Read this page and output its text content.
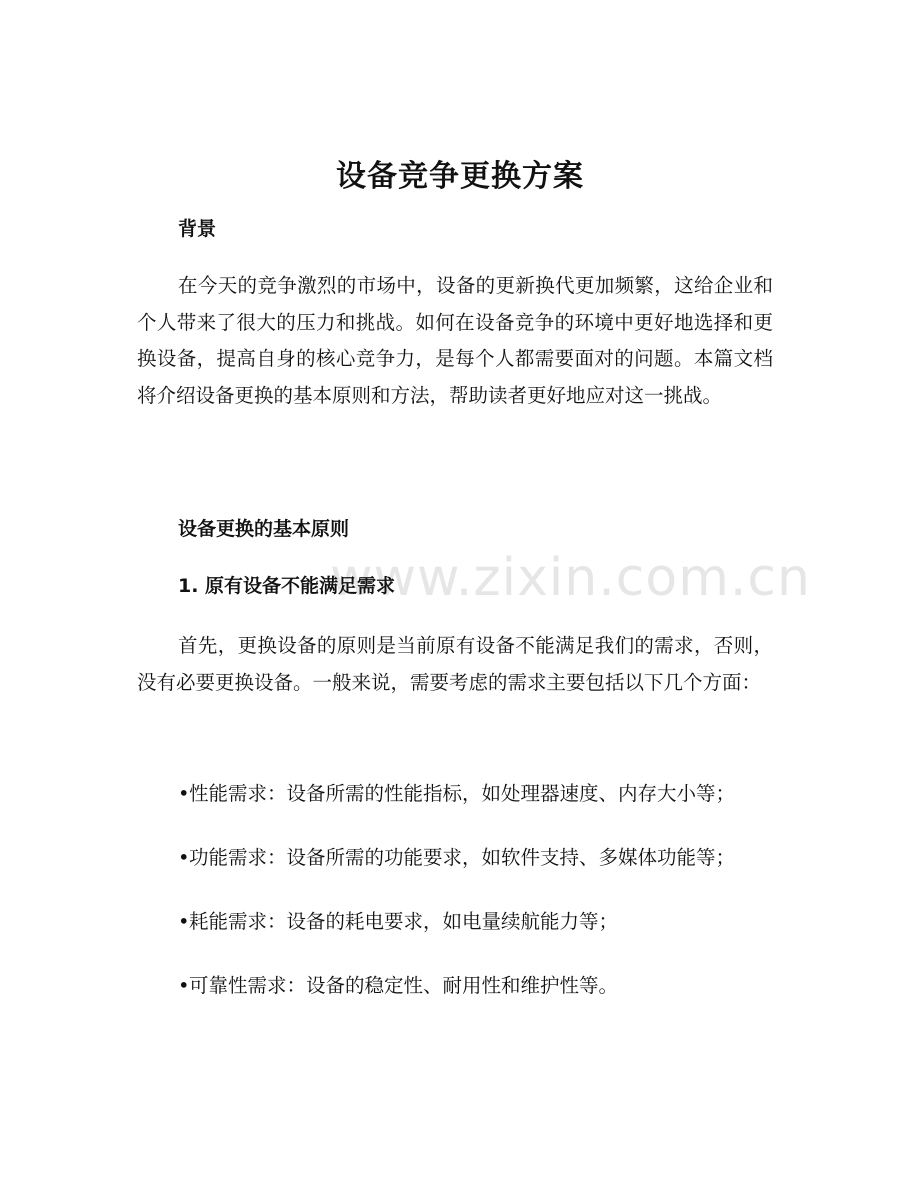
www.zixin.com.cn
设备竞争更换方案
背景

在今天的竞争激烈的市场中，设备的更新换代更加频繁，这给企业和个人带来了很大的压力和挑战。如何在设备竞争的环境中更好地选择和更换设备，提高自身的核心竞争力，是每个人都需要面对的问题。本篇文档将介绍设备更换的基本原则和方法，帮助读者更好地应对这一挑战。

设备更换的基本原则
1. 原有设备不能满足需求

首先，更换设备的原则是当前原有设备不能满足我们的需求，否则，没有必要更换设备。一般来说，需要考虑的需求主要包括以下几个方面：

•性能需求：设备所需的性能指标，如处理器速度、内存大小等；
•功能需求：设备所需的功能要求，如软件支持、多媒体功能等；
•耗能需求：设备的耗电要求，如电量续航能力等；
•可靠性需求：设备的稳定性、耐用性和维护性等。
